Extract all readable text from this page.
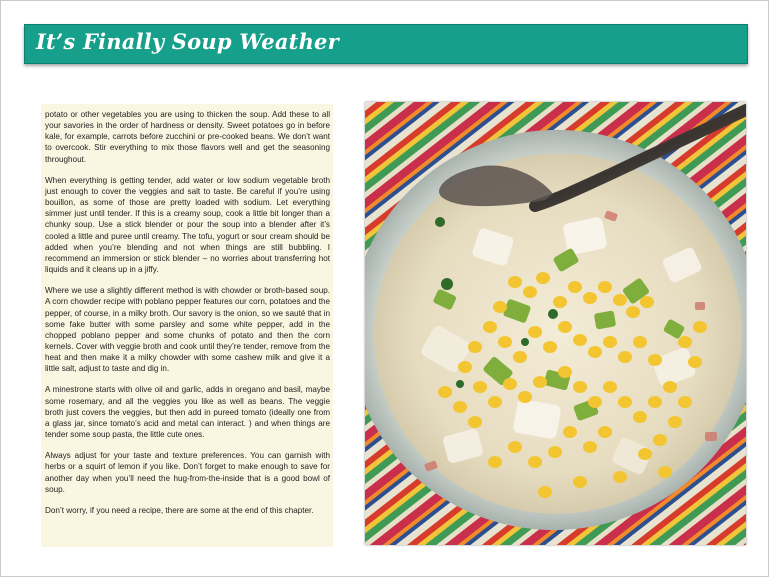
It’s Finally Soup Weather

potato or other vegetables you are using to thicken the soup. Add these to all your savories in the order of hardness or density. Sweet potatoes go in before kale, for example, carrots before zucchini or pre-cooked beans. We don’t want to overcook. Stir everything to mix those flavors well and get the seasoning throughout.

When everything is getting tender, add water or low sodium vegetable broth just enough to cover the veggies and salt to taste. Be careful if you’re using bouillon, as some of those are pretty loaded with sodium. Let everything simmer just until tender. If this is a creamy soup, cook a little bit longer than a chunky soup. Use a stick blender or pour the soup into a blender after it’s cooled a little and puree until creamy. The tofu, yogurt or sour cream should be added when you’re blending and not when things are still bubbling. I recommend an immersion or stick blender – no worries about transferring hot liquids and it cleans up in a jiffy.

Where we use a slightly different method is with chowder or broth-based soup. A corn chowder recipe with poblano pepper features our corn, potatoes and the pepper, of course, in a milky broth. Our savory is the onion, so we sauté that in some fake butter with some parsley and some white pepper, add in the chopped poblano pepper and some chunks of potato and then the corn kernels. Cover with veggie broth and cook until they’re tender, remove from the heat and then make it a milky chowder with some cashew milk and give it a little salt, adjust to taste and dig in.

A minestrone starts with olive oil and garlic, adds in oregano and basil, maybe some rosemary, and all the veggies you like as well as beans. The veggie broth just covers the veggies, but then add in pureed tomato (ideally one from a glass jar, since tomato’s acid and metal can interact. ) and when things are tender some soup pasta, the little cute ones.

Always adjust for your taste and texture preferences. You can garnish with herbs or a squirt of lemon if you like. Don’t forget to make enough to save for another day when you’ll need the hug-from-the-inside that is a good bowl of soup.

Don’t worry, if you need a recipe, there are some at the end of this chapter.
